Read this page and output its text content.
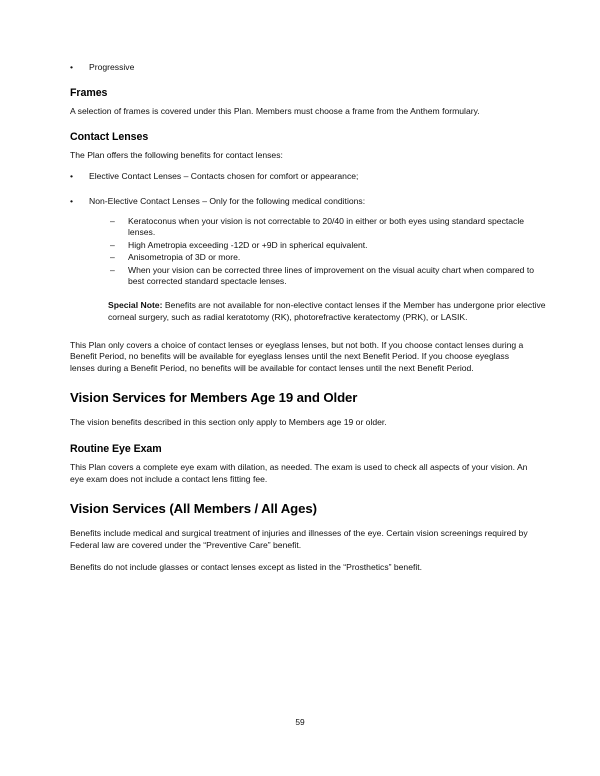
• Progressive
Frames

A selection of frames is covered under this Plan. Members must choose a frame from the Anthem formulary.

Contact Lenses

The Plan offers the following benefits for contact lenses:

• Elective Contact Lenses – Contacts chosen for comfort or appearance;
• Non-Elective Contact Lenses – Only for the following medical conditions:
– Keratoconus when your vision is not correctable to 20/40 in either or both eyes using standard spectacle lenses.
– High Ametropia exceeding -12D or +9D in spherical equivalent.
– Anisometropia of 3D or more.
– When your vision can be corrected three lines of improvement on the visual acuity chart when compared to best corrected standard spectacle lenses.
Special Note: Benefits are not available for non-elective contact lenses if the Member has undergone prior elective corneal surgery, such as radial keratotomy (RK), photorefractive keratectomy (PRK), or LASIK.

This Plan only covers a choice of contact lenses or eyeglass lenses, but not both. If you choose contact lenses during a Benefit Period, no benefits will be available for eyeglass lenses until the next Benefit Period. If you choose eyeglass lenses during a Benefit Period, no benefits will be available for contact lenses until the next Benefit Period.

Vision Services for Members Age 19 and Older

The vision benefits described in this section only apply to Members age 19 or older.

Routine Eye Exam

This Plan covers a complete eye exam with dilation, as needed. The exam is used to check all aspects of your vision. An eye exam does not include a contact lens fitting fee.

Vision Services (All Members / All Ages)

Benefits include medical and surgical treatment of injuries and illnesses of the eye. Certain vision screenings required by Federal law are covered under the “Preventive Care” benefit.

Benefits do not include glasses or contact lenses except as listed in the “Prosthetics” benefit.

59
